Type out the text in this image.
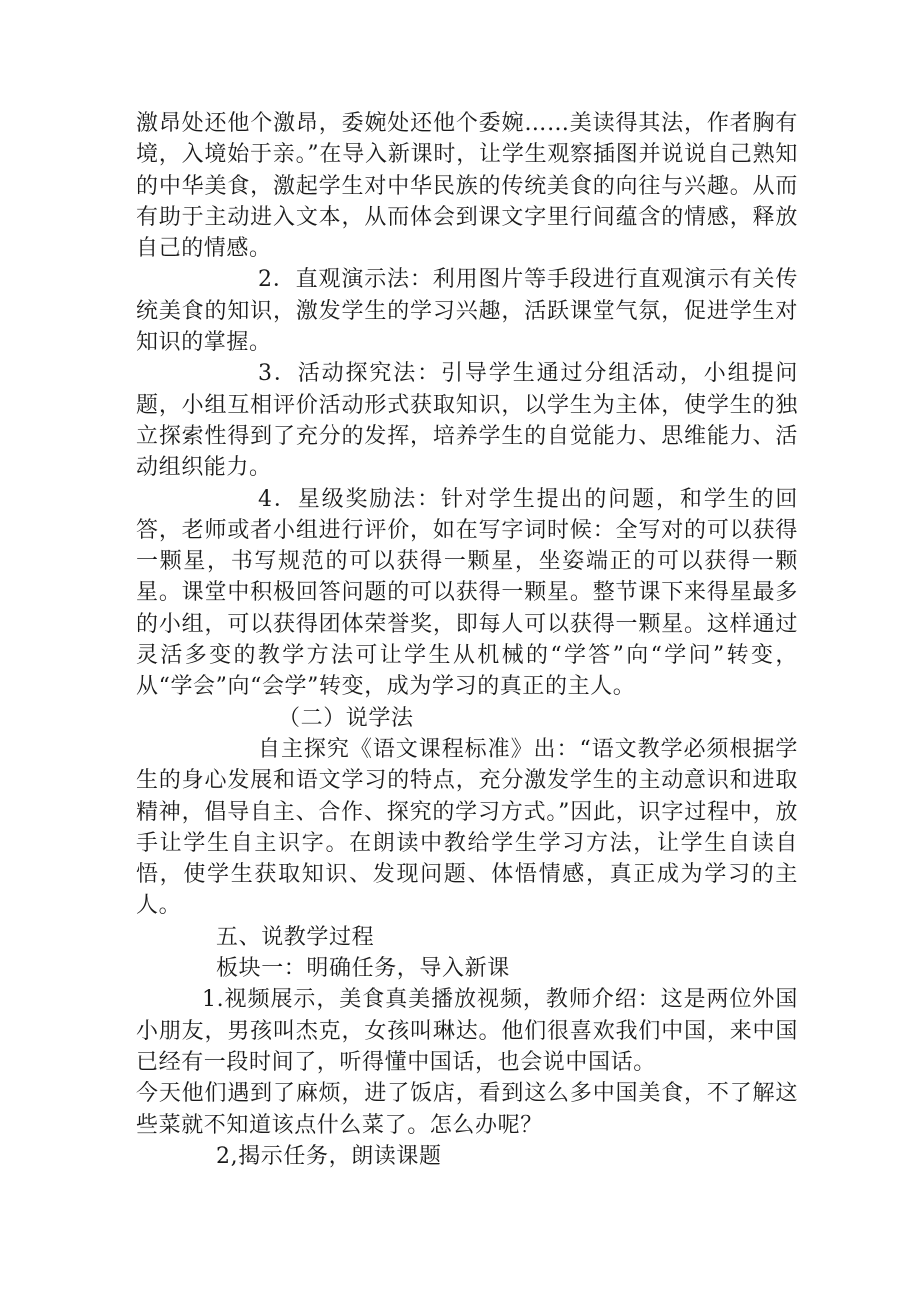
激昂处还他个激昂，委婉处还他个委婉……美读得其法，作者胸有境，入境始于亲。”在导入新课时，让学生观察插图并说说自己熟知的中华美食，激起学生对中华民族的传统美食的向往与兴趣。从而有助于主动进入文本，从而体会到课文字里行间蕴含的情感，释放自己的情感。

2．直观演示法：利用图片等手段进行直观演示有关传统美食的知识，激发学生的学习兴趣，活跃课堂气氛，促进学生对知识的掌握。

3．活动探究法：引导学生通过分组活动，小组提问题，小组互相评价活动形式获取知识，以学生为主体，使学生的独立探索性得到了充分的发挥，培养学生的自觉能力、思维能力、活动组织能力。

4．星级奖励法：针对学生提出的问题，和学生的回答，老师或者小组进行评价，如在写字词时候：全写对的可以获得一颗星，书写规范的可以获得一颗星，坐姿端正的可以获得一颗星。课堂中积极回答问题的可以获得一颗星。整节课下来得星最多的小组，可以获得团体荣誉奖，即每人可以获得一颗星。这样通过灵活多变的教学方法可让学生从机械的“学答”向“学问”转变，从“学会”向“会学”转变，成为学习的真正的主人。

（二）说学法

自主探究《语文课程标准》出：“语文教学必须根据学生的身心发展和语文学习的特点，充分激发学生的主动意识和进取精神，倡导自主、合作、探究的学习方式。”因此，识字过程中，放手让学生自主识字。在朗读中教给学生学习方法，让学生自读自悟，使学生获取知识、发现问题、体悟情感，真正成为学习的主人。

五、说教学过程

板块一：明确任务，导入新课

1.视频展示，美食真美播放视频，教师介绍：这是两位外国小朋友，男孩叫杰克，女孩叫琳达。他们很喜欢我们中国，来中国已经有一段时间了，听得懂中国话，也会说中国话。

今天他们遇到了麻烦，进了饭店，看到这么多中国美食，不了解这些菜就不知道该点什么菜了。怎么办呢？

2,揭示任务，朗读课题
